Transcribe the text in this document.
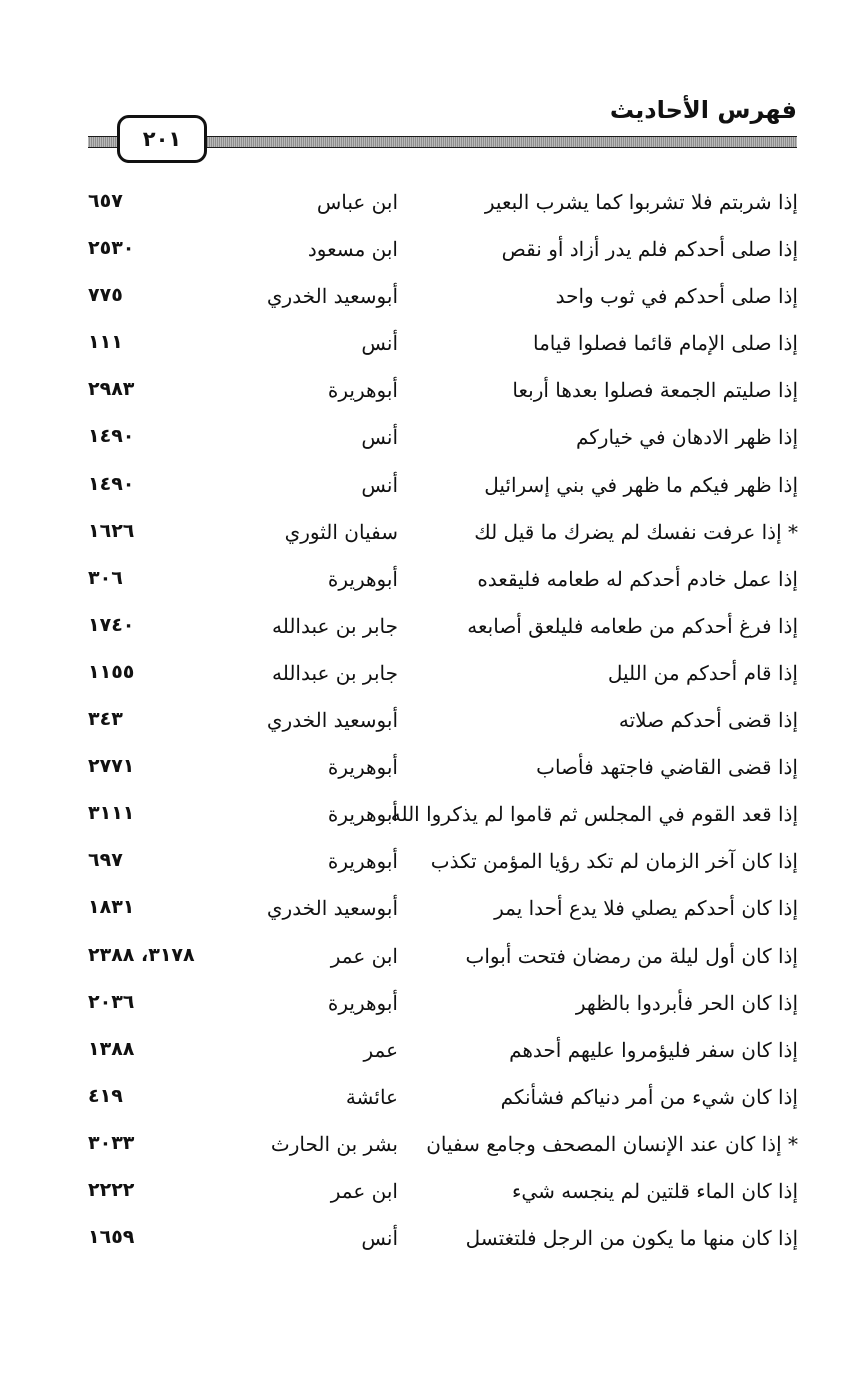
فهرس الأحاديث
٢٠١
إذا شربتم فلا تشربوا كما يشرب البعير
ابن عباس
٦٥٧
إذا صلى أحدكم فلم يدر أزاد أو نقص
ابن مسعود
٢٥٣٠
إذا صلى أحدكم في ثوب واحد
أبوسعيد الخدري
٧٧٥
إذا صلى الإمام قائما فصلوا قياما
أنس
١١١
إذا صليتم الجمعة فصلوا بعدها أربعا
أبوهريرة
٢٩٨٣
إذا ظهر الادهان في خياركم
أنس
١٤٩٠
إذا ظهر فيكم ما ظهر في بني إسرائيل
أنس
١٤٩٠
* إذا عرفت نفسك لم يضرك ما قيل لك
سفيان الثوري
١٦٢٦
إذا عمل خادم أحدكم له طعامه فليقعده
أبوهريرة
٣٠٦
إذا فرغ أحدكم من طعامه فليلعق أصابعه
جابر بن عبدالله
١٧٤٠
إذا قام أحدكم من الليل
جابر بن عبدالله
١١٥٥
إذا قضى أحدكم صلاته
أبوسعيد الخدري
٣٤٣
إذا قضى القاضي فاجتهد فأصاب
أبوهريرة
٢٧٧١
إذا قعد القوم في المجلس ثم قاموا لم يذكروا الله
أبوهريرة
٣١١١
إذا كان آخر الزمان لم تكد رؤيا المؤمن تكذب
أبوهريرة
٦٩٧
إذا كان أحدكم يصلي فلا يدع أحدا يمر
أبوسعيد الخدري
١٨٣١
إذا كان أول ليلة من رمضان فتحت أبواب
ابن عمر
٣١٧٨، ٢٣٨٨
إذا كان الحر فأبردوا بالظهر
أبوهريرة
٢٠٣٦
إذا كان سفر فليؤمروا عليهم أحدهم
عمر
١٣٨٨
إذا كان شيء من أمر دنياكم فشأنكم
عائشة
٤١٩
* إذا كان عند الإنسان المصحف وجامع سفيان
بشر بن الحارث
٣٠٣٣
إذا كان الماء قلتين لم ينجسه شيء
ابن عمر
٢٢٢٢
إذا كان منها ما يكون من الرجل فلتغتسل
أنس
١٦٥٩
